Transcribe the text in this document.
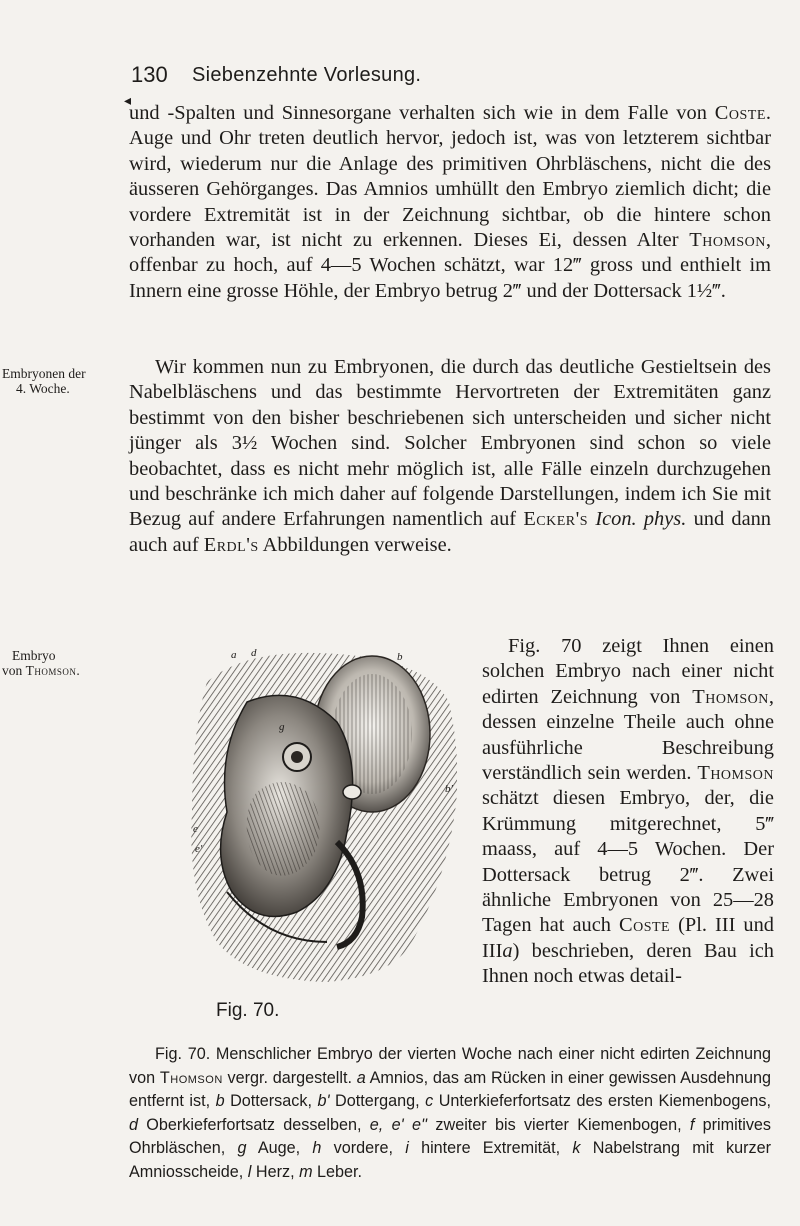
130 Siebenzehnte Vorlesung.
◂

und -Spalten und Sinnesorgane verhalten sich wie in dem Falle von Coste. Auge und Ohr treten deutlich hervor, jedoch ist, was von letzterem sichtbar wird, wiederum nur die Anlage des primitiven Ohrbläschens, nicht die des äusseren Gehörganges. Das Amnios umhüllt den Embryo ziemlich dicht; die vordere Extremität ist in der Zeichnung sichtbar, ob die hintere schon vorhanden war, ist nicht zu erkennen. Dieses Ei, dessen Alter Thomson, offenbar zu hoch, auf 4—5 Wochen schätzt, war 12‴ gross und enthielt im Innern eine grosse Höhle, der Embryo betrug 2‴ und der Dottersack 1½‴.

Embryonen der
4. Woche.

Wir kommen nun zu Embryonen, die durch das deutliche Gestieltsein des Nabelbläschens und das bestimmte Hervortreten der Extremitäten ganz bestimmt von den bisher beschriebenen sich unterscheiden und sicher nicht jünger als 3½ Wochen sind. Solcher Embryonen sind schon so viele beobachtet, dass es nicht mehr möglich ist, alle Fälle einzeln durchzugehen und beschränke ich mich daher auf folgende Darstellungen, indem ich Sie mit Bezug auf andere Erfahrungen namentlich auf Ecker's Icon. phys. und dann auch auf Erdl's Abbildungen verweise.

Embryo
von Thomson.
a d	b
g
b'
e
e'
Fig. 70.

Fig. 70 zeigt Ihnen einen solchen Embryo nach einer nicht edirten Zeichnung von Thomson, dessen einzelne Theile auch ohne ausführliche Beschreibung verständlich sein werden. Thomson schätzt diesen Embryo, der, die Krümmung mitgerechnet, 5‴ maass, auf 4—5 Wochen. Der Dottersack betrug 2‴. Zwei ähnliche Embryonen von 25—28 Tagen hat auch Coste (Pl. III und IIIa) beschrieben, deren Bau ich Ihnen noch etwas detail-

Fig. 70. Menschlicher Embryo der vierten Woche nach einer nicht edirten Zeichnung von Thomson vergr. dargestellt. a Amnios, das am Rücken in einer gewissen Ausdehnung entfernt ist, b Dottersack, b' Dottergang, c Unterkieferfortsatz des ersten Kiemenbogens, d Oberkieferfortsatz desselben, e, e' e'' zweiter bis vierter Kiemenbogen, f primitives Ohrbläschen, g Auge, h vordere, i hintere Extremität, k Nabelstrang mit kurzer Amniosscheide, l Herz, m Leber.
